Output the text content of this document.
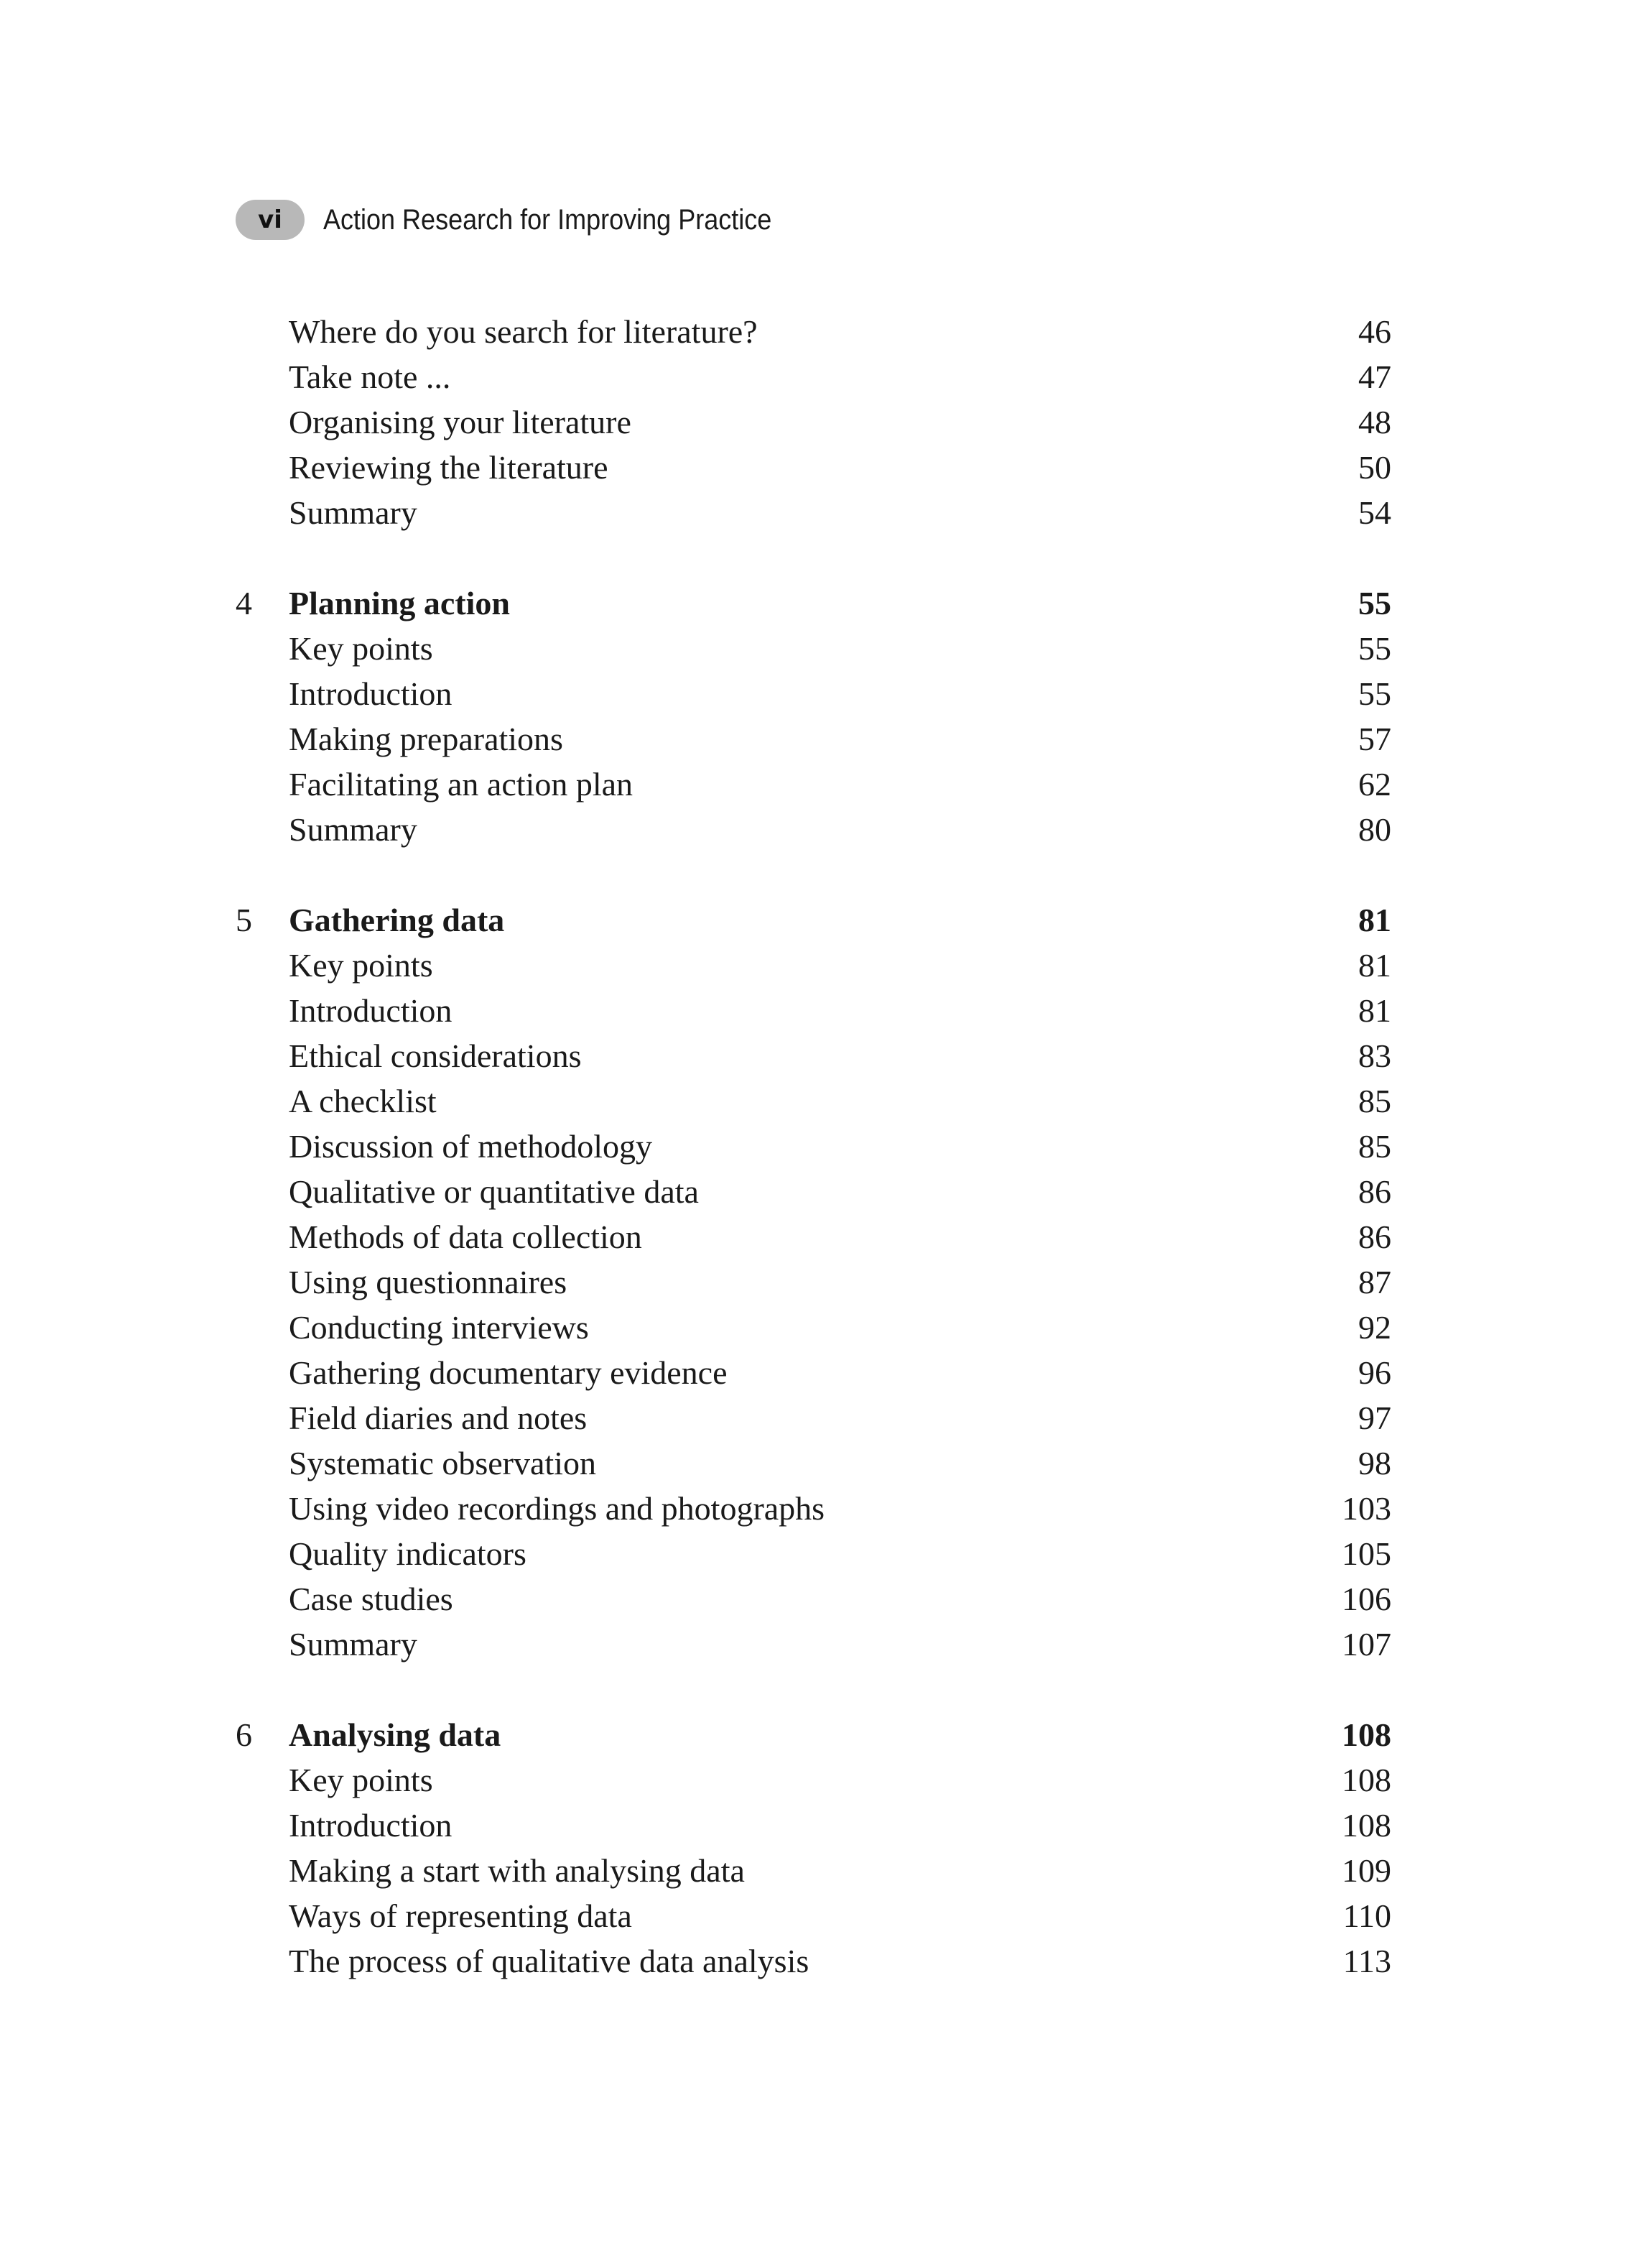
vi	Action Research for Improving Practice
Where do you search for literature?	46
Take note ...	47
Organising your literature	48
Reviewing the literature	50
Summary	54
4 Planning action	55
Key points	55
Introduction	55
Making preparations	57
Facilitating an action plan	62
Summary	80
5 Gathering data	81
Key points	81
Introduction	81
Ethical considerations	83
A checklist	85
Discussion of methodology	85
Qualitative or quantitative data	86
Methods of data collection	86
Using questionnaires	87
Conducting interviews	92
Gathering documentary evidence	96
Field diaries and notes	97
Systematic observation	98
Using video recordings and photographs	103
Quality indicators	105
Case studies	106
Summary	107
6 Analysing data	108
Key points	108
Introduction	108
Making a start with analysing data	109
Ways of representing data	110
The process of qualitative data analysis	113
